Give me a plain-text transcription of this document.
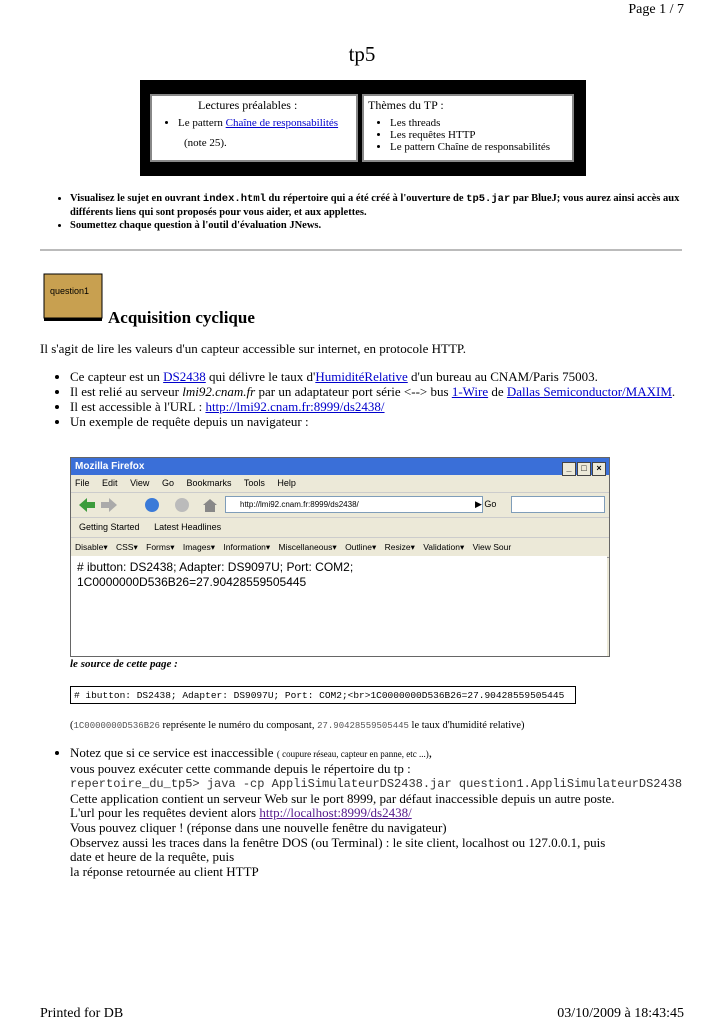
Page 1 / 7
tp5
Lectures préalables :
• Le pattern Chaîne de responsabilités
(note 25).
Thèmes du TP :
• Les threads
• Les requêtes HTTP
• Le pattern Chaîne de responsabilités
• Visualisez le sujet en ouvrant index.html du répertoire qui a été créé à l'ouverture de tp5.jar par BlueJ; vous aurez ainsi accès aux différents liens qui sont proposés pour vous aider, et aux applettes.
• Soumettez chaque question à l'outil d'évaluation JNews.
question1
Acquisition cyclique
Il s'agit de lire les valeurs d'un capteur accessible sur internet, en protocole HTTP.
• Ce capteur est un DS2438 qui délivre le taux d'HumiditéRelative d'un bureau au CNAM/Paris 75003.
• Il est relié au serveur lmi92.cnam.fr par un adaptateur port série <--> bus 1-Wire de Dallas Semiconductor/MAXIM.
• Il est accessible à l'URL : http://lmi92.cnam.fr:8999/ds2438/
• Un exemple de requête depuis un navigateur :
Mozilla Firefox	_ □ ×
File Edit View Go Bookmarks Tools Help
http://lmi92.cnam.fr:8999/ds2438/	▶ Go
Getting Started Latest Headlines
Disable▾ CSS▾ Forms▾ Images▾ Information▾ Miscellaneous▾ Outline▾ Resize▾ Validation▾ View Sour
# ibutton: DS2438; Adapter: DS9097U; Port: COM2;
1C0000000D536B26=27.90428559505445
le source de cette page :
# ibutton: DS2438; Adapter: DS9097U; Port: COM2;<br>1C0000000D536B26=27.90428559505445
(1C0000000D536B26 représente le numéro du composant, 27.90428559505445 le taux d'humidité relative)
• Notez que si ce service est inaccessible ( coupure réseau, capteur en panne, etc ...),
vous pouvez exécuter cette commande depuis le répertoire du tp :
repertoire_du_tp5> java -cp AppliSimulateurDS2438.jar question1.AppliSimulateurDS2438
Cette application contient un serveur Web sur le port 8999, par défaut inaccessible depuis un autre poste.
L'url pour les requêtes devient alors http://localhost:8999/ds2438/
Vous pouvez cliquer ! (réponse dans une nouvelle fenêtre du navigateur)
Observez aussi les traces dans la fenêtre DOS (ou Terminal) : le site client, localhost ou 127.0.0.1, puis
date et heure de la requête, puis
la réponse retournée au client HTTP
Printed for DB	03/10/2009 à 18:43:45
